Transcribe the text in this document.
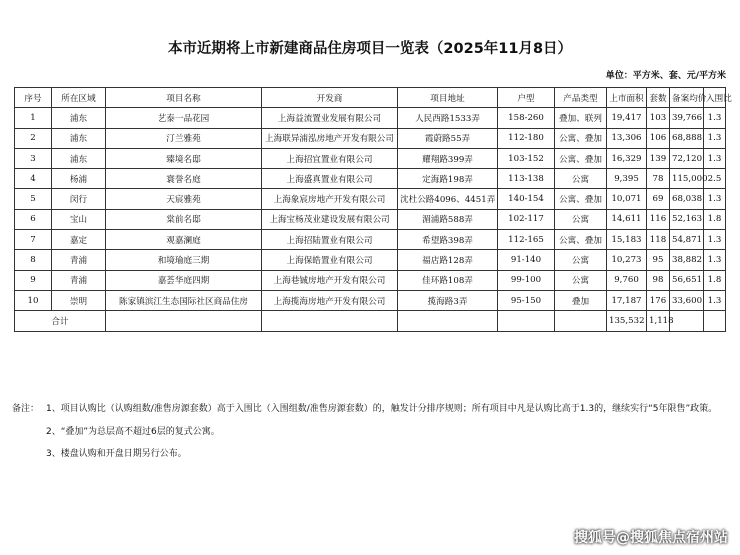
本市近期将上市新建商品住房项目一览表（2025年11月8日）
单位：平方米、套、元/平方米
序号	所在区域	项目名称	开发商	项目地址	户型	产品类型	上市面积	套数	备案均价	入围比
1	浦东	艺泰一品花园	上海益流置业发展有限公司	人民西路1533弄	158-260	叠加、联列	19,417	103	39,766	1.3
2	浦东	汀兰雅苑	上海联异浦泓房地产开发有限公司	霞蔚路55弄	112-180	公寓、叠加	13,306	106	68,888	1.3
3	浦东	臻境名邸	上海招宜置业有限公司	耀翔路399弄	103-152	公寓、叠加	16,329	139	72,120	1.3
4	杨浦	寰誉名庭	上海盛真置业有限公司	定海路198弄	113-138	公寓	9,395	78	115,000	2.5
5	闵行	天宸雅苑	上海象宸房地产开发有限公司	沈杜公路4096、4451弄	140-154	公寓、叠加	10,071	69	68,038	1.3
6	宝山	棠前名邸	上海宝杨茂业建设发展有限公司	湄浦路588弄	102-117	公寓	14,611	116	52,163	1.8
7	嘉定	观嘉澜庭	上海招陆置业有限公司	希望路398弄	112-165	公寓、叠加	15,183	118	54,871	1.3
8	青浦	和境瑜庭三期	上海保皓置业有限公司	福店路128弄	91-140	公寓	10,273	95	38,882	1.3
9	青浦	嘉荟华庭四期	上海巷铖房地产开发有限公司	佳环路108弄	99-100	公寓	9,760	98	56,651	1.8
10	崇明	陈家镇滨江生态国际社区商品住房	上海揽海房地产开发有限公司	揽海路3弄	95-150	叠加	17,187	176	33,600	1.3
合计							135,532	1,118		
备注： 1、项目认购比（认购组数/准售房源套数）高于入围比（入围组数/准售房源套数）的，触发计分排序规则；所有项目中凡是认购比高于1.3的，继续实行“5年限售”政策。
2、“叠加”为总层高不超过6层的复式公寓。
3、楼盘认购和开盘日期另行公布。
搜狐号@搜狐焦点宿州站
